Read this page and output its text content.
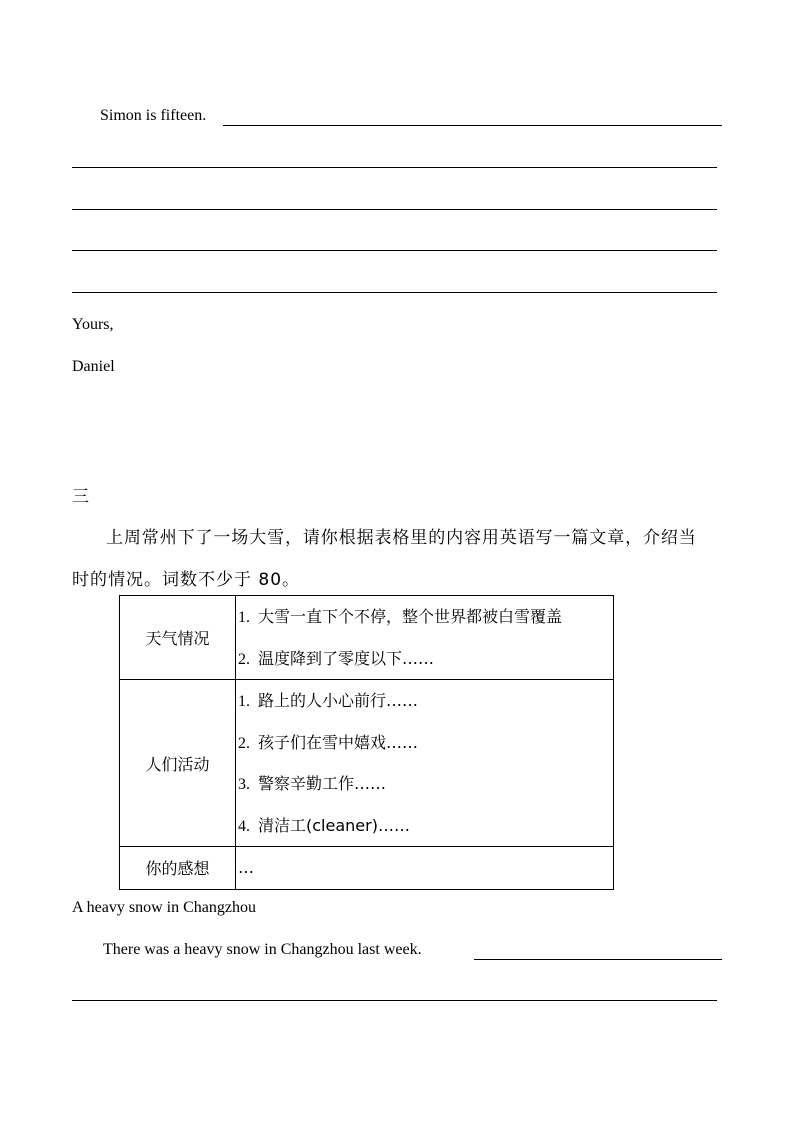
Simon is fifteen.
Yours,
Daniel
三
上周常州下了一场大雪，请你根据表格里的内容用英语写一篇文章，介绍当
时的情况。词数不少于 80。
天气情况	1. 大雪一直下个不停，整个世界都被白雪覆盖
2. 温度降到了零度以下……

人们活动	1. 路上的人小心前行……
2. 孩子们在雪中嬉戏……
3. 警察辛勤工作……
4. 清洁工(cleaner)……

你的感想	…
A heavy snow in Changzhou
There was a heavy snow in Changzhou last week.
